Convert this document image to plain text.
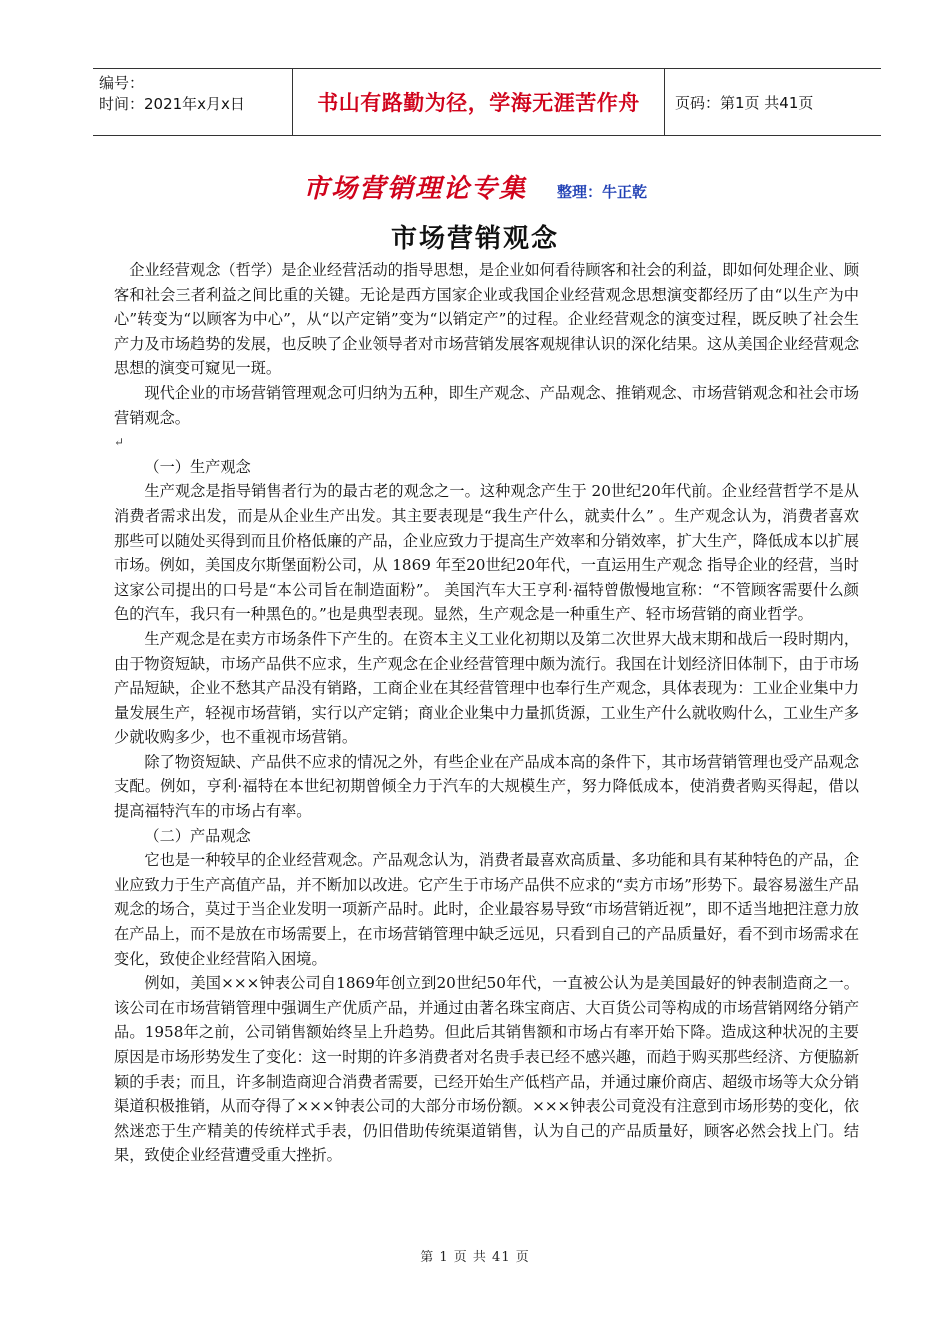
编号：
时间：2021年x月x日	书山有路勤为径，学海无涯苦作舟	页码：第1页 共41页
市场营销理论专集 整理：牛正乾
市场营销观念

企业经营观念（哲学）是企业经营活动的指导思想，是企业如何看待顾客和社会的利益，即如何处理企业、顾客和社会三者利益之间比重的关键。无论是西方国家企业或我国企业经营观念思想演变都经历了由“以生产为中心”转变为“以顾客为中心”，从“以产定销”变为“以销定产”的过程。企业经营观念的演变过程，既反映了社会生产力及市场趋势的发展，也反映了企业领导者对市场营销发展客观规律认识的深化结果。这从美国企业经营观念思想的演变可窥见一斑。

现代企业的市场营销管理观念可归纳为五种，即生产观念、产品观念、推销观念、市场营销观念和社会市场营销观念。

↵

（一）生产观念

生产观念是指导销售者行为的最古老的观念之一。这种观念产生于 20世纪20年代前。企业经营哲学不是从消费者需求出发，而是从企业生产出发。其主要表现是“我生产什么，就卖什么” 。生产观念认为，消费者喜欢那些可以随处买得到而且价格低廉的产品，企业应致力于提高生产效率和分销效率，扩大生产，降低成本以扩展市场。例如，美国皮尔斯堡面粉公司，从 1869 年至20世纪20年代，一直运用生产观念 指导企业的经营，当时这家公司提出的口号是“本公司旨在制造面粉”。 美国汽车大王亨利·福特曾傲慢地宣称：“不管顾客需要什么颜色的汽车，我只有一种黑色的。”也是典型表现。显然，生产观念是一种重生产、轻市场营销的商业哲学。

生产观念是在卖方市场条件下产生的。在资本主义工业化初期以及第二次世界大战末期和战后一段时期内，由于物资短缺，市场产品供不应求，生产观念在企业经营管理中颇为流行。我国在计划经济旧体制下，由于市场产品短缺，企业不愁其产品没有销路，工商企业在其经营管理中也奉行生产观念，具体表现为：工业企业集中力量发展生产，轻视市场营销，实行以产定销；商业企业集中力量抓货源，工业生产什么就收购什么，工业生产多少就收购多少，也不重视市场营销。

除了物资短缺、产品供不应求的情况之外，有些企业在产品成本高的条件下，其市场营销管理也受产品观念支配。例如，亨利·福特在本世纪初期曾倾全力于汽车的大规模生产，努力降低成本，使消费者购买得起，借以提高福特汽车的市场占有率。

（二）产品观念

它也是一种较早的企业经营观念。产品观念认为，消费者最喜欢高质量、多功能和具有某种特色的产品，企业应致力于生产高值产品，并不断加以改进。它产生于市场产品供不应求的“卖方市场”形势下。最容易滋生产品观念的场合，莫过于当企业发明一项新产品时。此时，企业最容易导致“市场营销近视”，即不适当地把注意力放在产品上，而不是放在市场需要上，在市场营销管理中缺乏远见，只看到自己的产品质量好，看不到市场需求在变化，致使企业经营陷入困境。

例如，美国×××钟表公司自1869年创立到20世纪50年代，一直被公认为是美国最好的钟表制造商之一。该公司在市场营销管理中强调生产优质产品，并通过由著名珠宝商店、大百货公司等构成的市场营销网络分销产品。1958年之前，公司销售额始终呈上升趋势。但此后其销售额和市场占有率开始下降。造成这种状况的主要原因是市场形势发生了变化：这一时期的许多消费者对名贵手表已经不感兴趣，而趋于购买那些经济、方便脇新颖的手表；而且，许多制造商迎合消费者需要，已经开始生产低档产品，并通过廉价商店、超级市场等大众分销渠道积极推销，从而夺得了×××钟表公司的大部分市场份额。×××钟表公司竟没有注意到市场形势的变化，依然迷恋于生产精美的传统样式手表，仍旧借助传统渠道销售，认为自己的产品质量好，顾客必然会找上门。结果，致使企业经营遭受重大挫折。

第 1 页 共 41 页
